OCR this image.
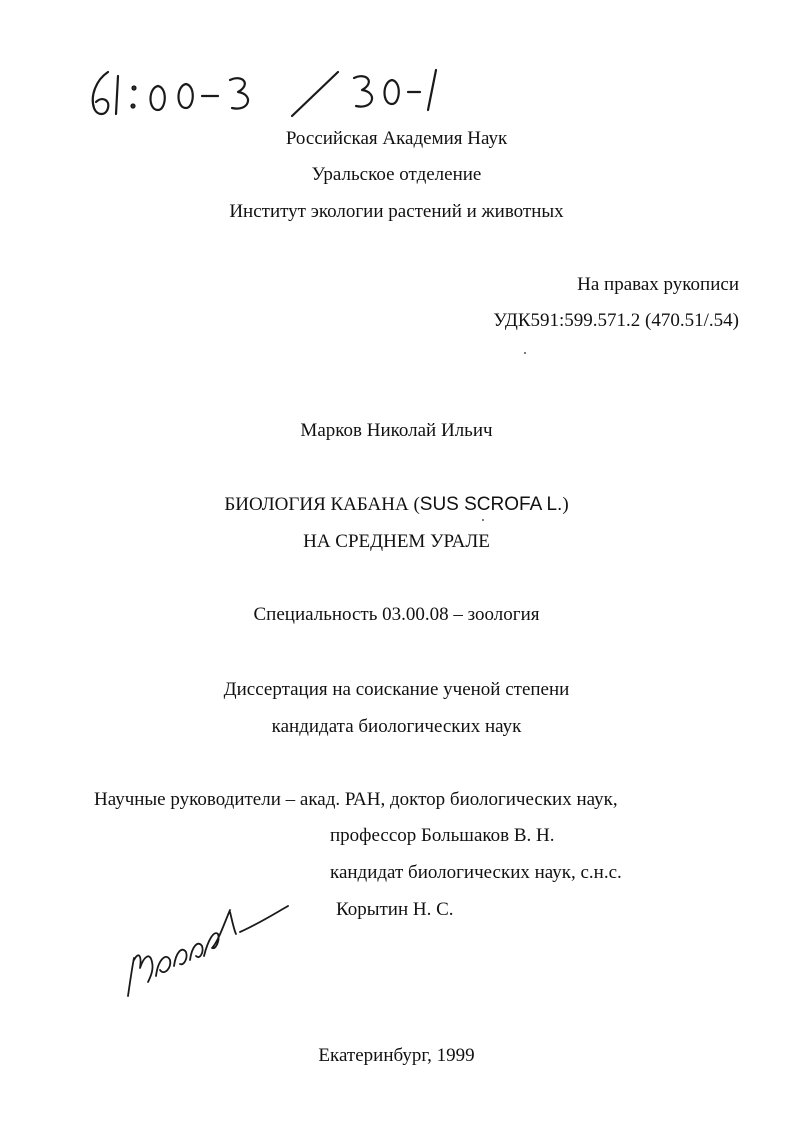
Российская Академия Наук
Уральское отделение
Институт экологии растений и животных
На правах рукописи
УДК591:599.571.2 (470.51/.54)
Марков Николай Ильич
БИОЛОГИЯ КАБАНА (SUS SCROFA L.)
НА СРЕДНЕМ УРАЛЕ
Специальность 03.00.08 – зоология
Диссертация на соискание ученой степени
кандидата биологических наук
Научные руководители – акад. РАН, доктор биологических наук,
профессор Большаков В. Н.
кандидат биологических наук, с.н.с.
Корытин Н. С.
Екатеринбург, 1999
